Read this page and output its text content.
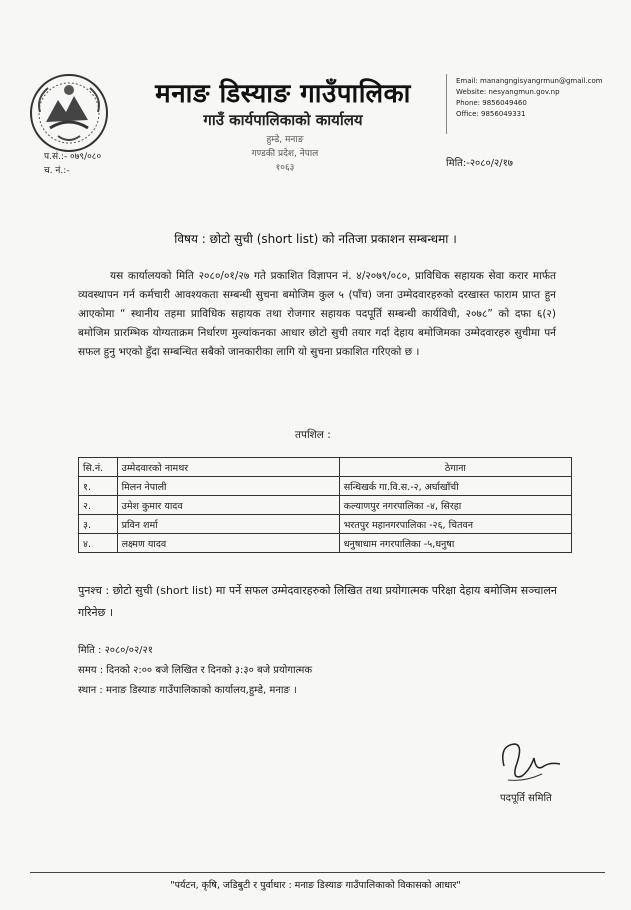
मनाङ डिस्याङ गाउँपालिका
गाउँ कार्यपालिकाको कार्यालय
हुम्डे, मनाङ
गण्डकी प्रदेश, नेपाल
१०६३
Email: manangngisyangrmun@gmail.com
Website: nesyangmun.gov.np
Phone: 9856049460
Office: 9856049331
प.सं.:- ०७९/०८०
च. नं.:-
मिति:-२०८०/२/१७
विषय : छोटो सुची (short list) को नतिजा प्रकाशन सम्बन्धमा ।
यस कार्यालयको मिति २०८०/०१/२७ गते प्रकाशित विज्ञापन नं. ४/२०७९/०८०, प्राविधिक सहायक सेवा करार मार्फत व्यवस्थापन गर्न कर्मचारी आवश्यकता सम्बन्धी सुचना बमोजिम कुल ५ (पाँच) जना उम्मेदवारहरुको दरखास्त फाराम प्राप्त हुन आएकोमा “ स्थानीय तहमा प्राविधिक सहायक तथा रोजगार सहायक पदपूर्ति सम्बन्धी कार्यविधी, २०७८” को दफा ६(२) बमोजिम प्रारम्भिक योग्यताक्रम निर्धारण मुल्यांकनका आधार छोटो सुची तयार गर्दा देहाय बमोजिमका उम्मेदवारहरु सुचीमा पर्न सफल हुनु भएको हुँदा सम्बन्धित सबैको जानकारीका लागि यो सुचना प्रकाशित गरिएको छ ।
तपशिल :
सि.नं.	उम्मेदवारको नामथर	ठेगाना
१.	मिलन नेपाली	सन्धिखर्क गा.वि.स.-२, अर्घाखाँची
२.	उमेश कुमार यादव	कल्याणपुर नगरपालिका -४, सिरहा
३.	प्रविन शर्मा	भरतपुर महानगरपालिका -२६, चितवन
४.	लक्ष्मण यादव	धनुषाधाम नगरपालिका -५,धनुषा
पुनश्च : छोटो सुची (short list) मा पर्ने सफल उम्मेदवारहरुको लिखित तथा प्रयोगात्मक परिक्षा देहाय बमोजिम सञ्चालन गरिनेछ ।
मिति : २०८०/०२/२१
समय : दिनको २:०० बजे लिखित र दिनको ३:३० बजे प्रयोगात्मक
स्थान : मनाङ डिस्याङ गाउँपालिकाको कार्यालय,हुम्डे, मनाङ ।
पदपूर्ति समिति
"पर्यटन, कृषि, जडिबुटी र पुर्वाधार : मनाङ डिस्याङ गाउँपालिकाको विकासको आधार"
